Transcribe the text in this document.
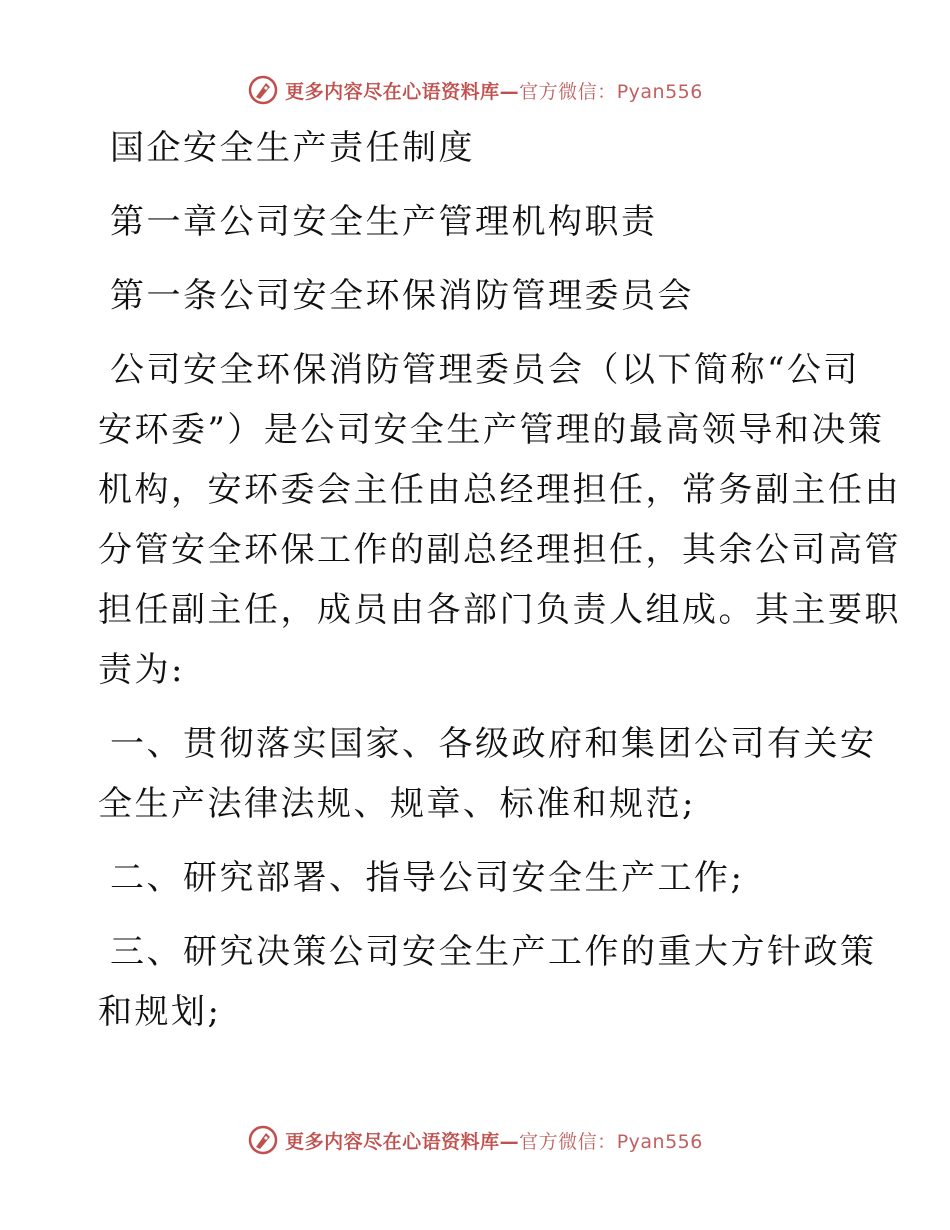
更多内容尽在心语资料库—官方微信：Pyan556

国企安全生产责任制度

第一章公司安全生产管理机构职责

第一条公司安全环保消防管理委员会

公司安全环保消防管理委员会（以下简称“公司

安环委”）是公司安全生产管理的最高领导和决策

机构，安环委会主任由总经理担任，常务副主任由

分管安全环保工作的副总经理担任，其余公司高管

担任副主任，成员由各部门负责人组成。其主要职

责为:

一、贯彻落实国家、各级政府和集团公司有关安

全生产法律法规、规章、标准和规范;

二、研究部署、指导公司安全生产工作;

三、研究决策公司安全生产工作的重大方针政策

和规划;

更多内容尽在心语资料库—官方微信：Pyan556
